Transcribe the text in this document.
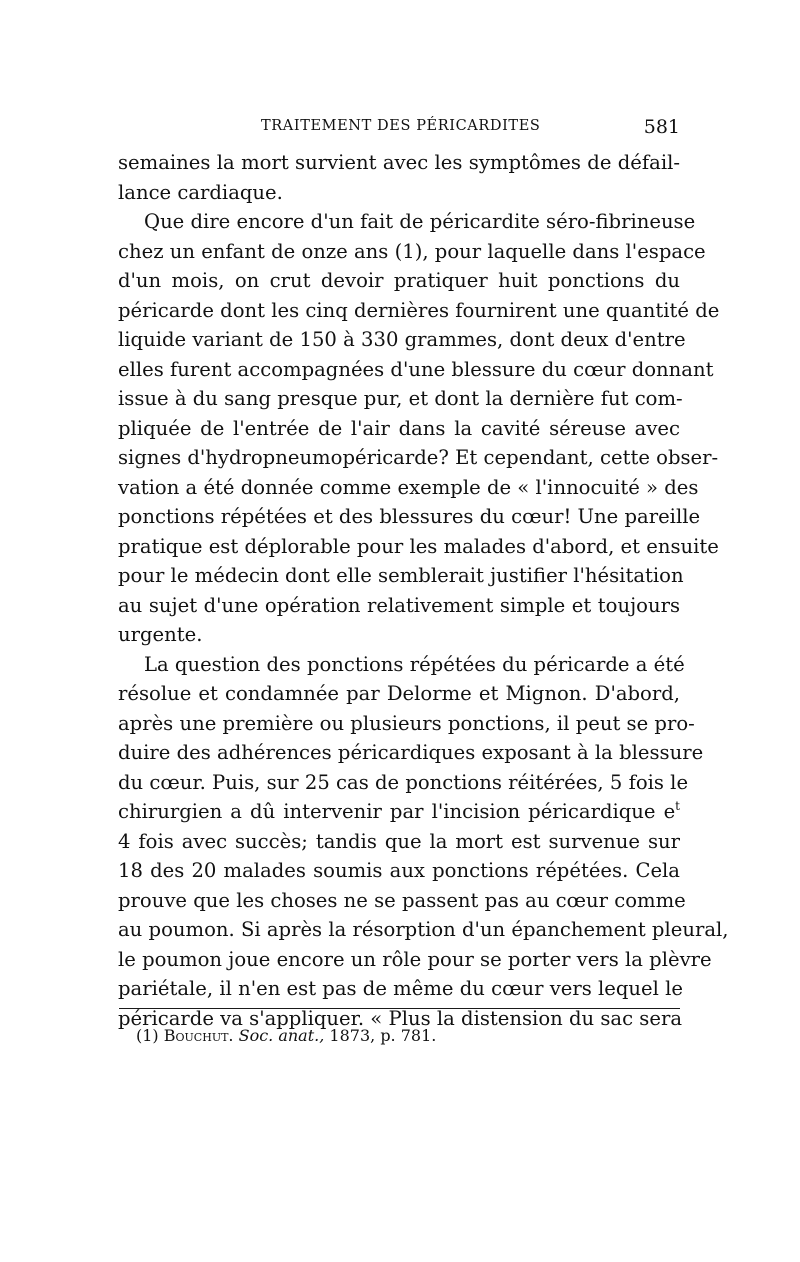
TRAITEMENT DES PÉRICARDITES	581
semaines la mort survient avec les symptômes de défail-
lance cardiaque.
Que dire encore d'un fait de péricardite séro-fibrineuse
chez un enfant de onze ans (1), pour laquelle dans l'espace
d'un mois, on crut devoir pratiquer huit ponctions du
péricarde dont les cinq dernières fournirent une quantité de
liquide variant de 150 à 330 grammes, dont deux d'entre
elles furent accompagnées d'une blessure du cœur donnant
issue à du sang presque pur, et dont la dernière fut com-
pliquée de l'entrée de l'air dans la cavité séreuse avec
signes d'hydropneumopéricarde? Et cependant, cette obser-
vation a été donnée comme exemple de « l'innocuité » des
ponctions répétées et des blessures du cœur! Une pareille
pratique est déplorable pour les malades d'abord, et ensuite
pour le médecin dont elle semblerait justifier l'hésitation
au sujet d'une opération relativement simple et toujours
urgente.
La question des ponctions répétées du péricarde a été
résolue et condamnée par Delorme et Mignon. D'abord,
après une première ou plusieurs ponctions, il peut se pro-
duire des adhérences péricardiques exposant à la blessure
du cœur. Puis, sur 25 cas de ponctions réitérées, 5 fois le
chirurgien a dû intervenir par l'incision péricardique $e^t$
4 fois avec succès; tandis que la mort est survenue sur
18 des 20 malades soumis aux ponctions répétées. Cela
prouve que les choses ne se passent pas au cœur comme
au poumon. Si après la résorption d'un épanchement pleural,
le poumon joue encore un rôle pour se porter vers la plèvre
pariétale, il n'en est pas de même du cœur vers lequel le
péricarde va s'appliquer. « Plus la distension du sac sera
(1) Bouchut. Soc. anat., 1873, p. 781.
